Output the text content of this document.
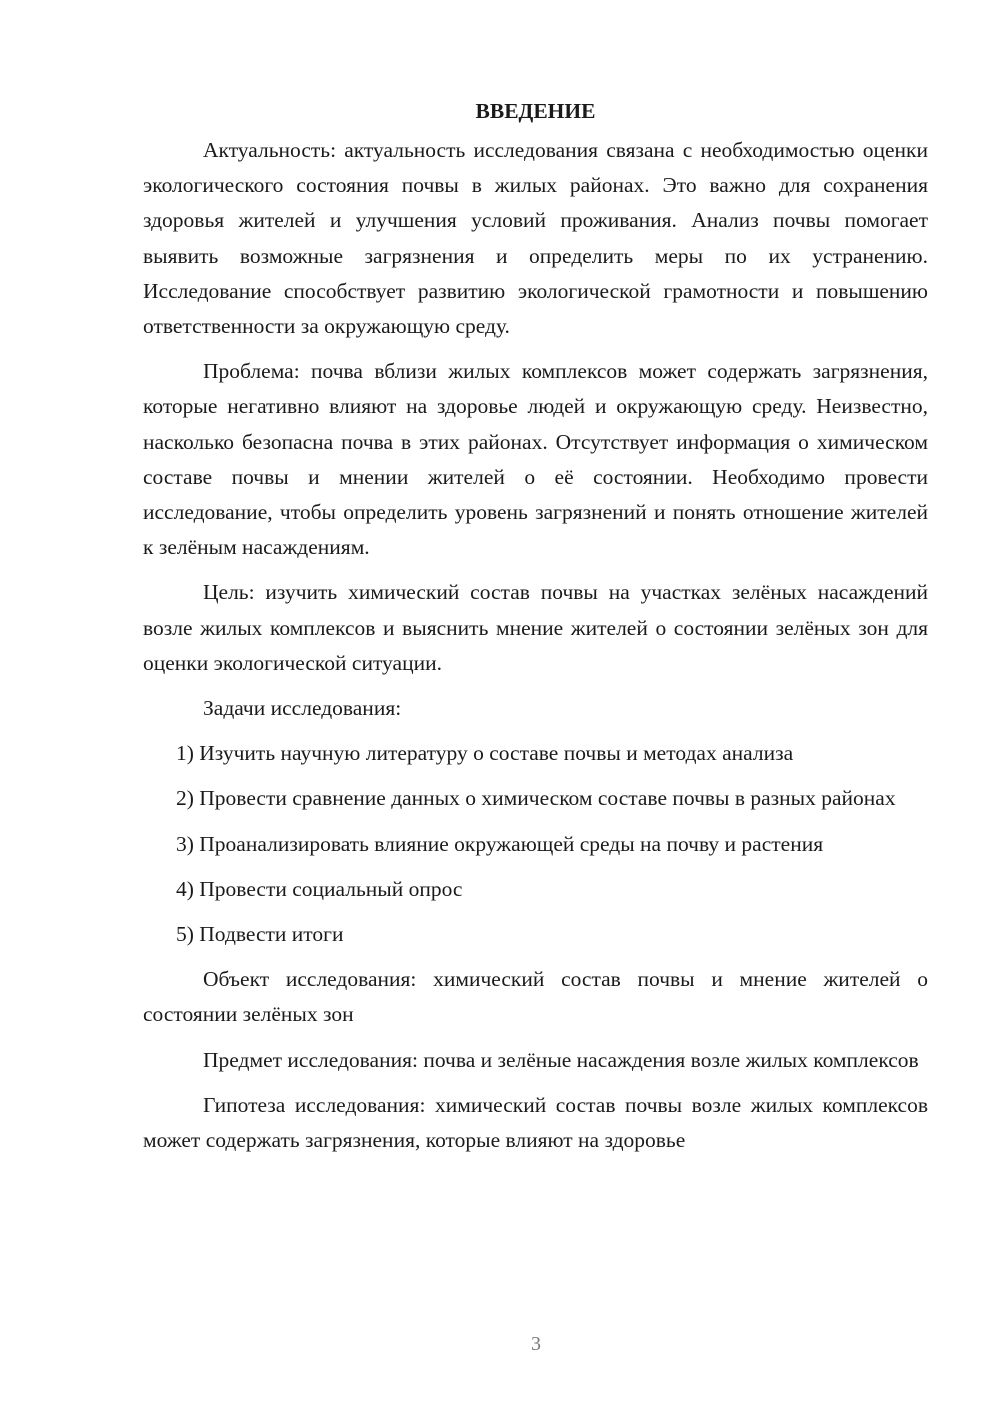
ВВЕДЕНИЕ

Актуальность: актуальность исследования связана с необходимостью оценки экологического состояния почвы в жилых районах. Это важно для сохранения здоровья жителей и улучшения условий проживания. Анализ почвы помогает выявить возможные загрязнения и определить меры по их устранению. Исследование способствует развитию экологической грамотности и повышению ответственности за окружающую среду.

Проблема: почва вблизи жилых комплексов может содержать загрязнения, которые негативно влияют на здоровье людей и окружающую среду. Неизвестно, насколько безопасна почва в этих районах. Отсутствует информация о химическом составе почвы и мнении жителей о её состоянии. Необходимо провести исследование, чтобы определить уровень загрязнений и понять отношение жителей к зелёным насаждениям.

Цель: изучить химический состав почвы на участках зелёных насаждений возле жилых комплексов и выяснить мнение жителей о состоянии зелёных зон для оценки экологической ситуации.

Задачи исследования:

1) Изучить научную литературу о составе почвы и методах анализа

2) Провести сравнение данных о химическом составе почвы в разных районах

3) Проанализировать влияние окружающей среды на почву и растения

4) Провести социальный опрос

5) Подвести итоги

Объект исследования: химический состав почвы и мнение жителей о состоянии зелёных зон

Предмет исследования: почва и зелёные насаждения возле жилых комплексов

Гипотеза исследования: химический состав почвы возле жилых комплексов может содержать загрязнения, которые влияют на здоровье

3
